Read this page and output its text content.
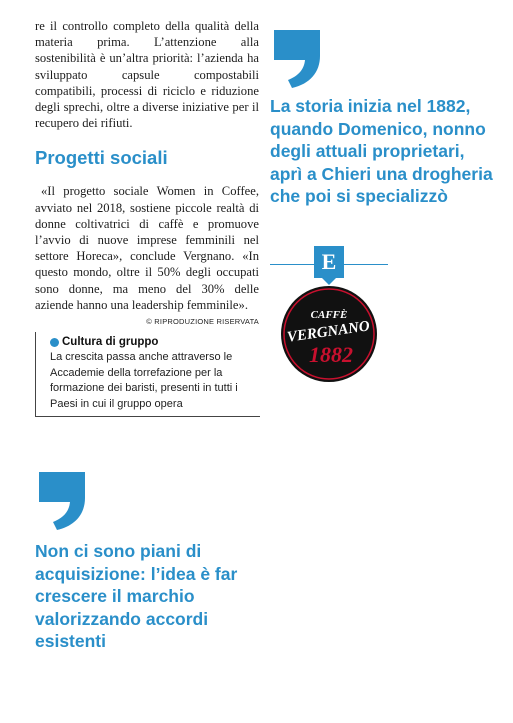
re il controllo completo della qualità della materia prima. L’attenzione alla sostenibilità è un’altra priorità: l’azienda ha sviluppato capsule compostabili compatibili, processi di riciclo e riduzione degli sprechi, oltre a diverse iniziative per il recupero dei rifiuti.

Progetti sociali

«Il progetto sociale Women in Coffee, avviato nel 2018, sostiene piccole realtà di donne coltivatrici di caffè e promuove l’avvio di nuove imprese femminili nel settore Horeca», conclude Vergnano. «In questo mondo, oltre il 50% degli occupati sono donne, ma meno del 30% delle aziende hanno una leadership femminile».

© RIPRODUZIONE RISERVATA
Cultura di gruppo
La crescita passa anche attraverso le Accademie della torrefazione per la formazione dei baristi, presenti in tutti i Paesi in cui il gruppo opera
La storia inizia nel 1882, quando Domenico, nonno degli attuali proprietari, aprì a Chieri una drogheria che poi si specializzò
E
CAFFÈ
VERGNANO
1882
Non ci sono piani di acquisizione: l’idea è far crescere il marchio valorizzando accordi esistenti
